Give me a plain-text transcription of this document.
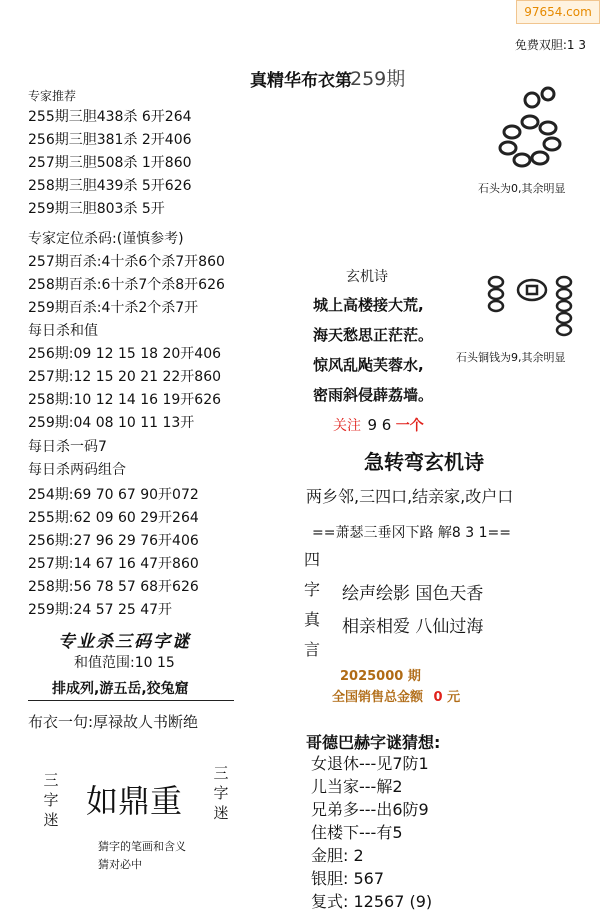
97654.com
免费双胆:1 3
真精华布衣第
259期
专家推荐
255期三胆438杀 6开264
256期三胆381杀 2开406
257期三胆508杀 1开860
258期三胆439杀 5开626
259期三胆803杀 5开
专家定位杀码:(谨慎参考)
257期百杀:4十杀6个杀7开860
258期百杀:6十杀7个杀8开626
259期百杀:4十杀2个杀7开
每日杀和值
256期:09 12 15 18 20开406
257期:12 15 20 21 22开860
258期:10 12 14 16 19开626
259期:04 08 10 11 13开
每日杀一码7
每日杀两码组合
254期:69 70 67 90开072
255期:62 09 60 29开264
256期:27 96 29 76开406
257期:14 67 16 47开860
258期:56 78 57 68开626
259期:24 57 25 47开
专业杀三码字谜
和值范围:10 15
排成列,游五岳,狡兔窟
布衣一句:厚禄故人书断绝
三
字
迷 如鼎重
三
字
迷
猜字的笔画和含义
猜对必中
石头为0,其余明显
石头铜钱为9,其余明显
玄机诗
城上高楼接大荒,
海天愁思正茫茫。
惊风乱飐芙蓉水,
密雨斜侵薜荔墙。
关注 9 6 一个
急转弯玄机诗
两乡邻,三四口,结亲家,改户口
==萧瑟三垂冈下路 解8 3 1==
四
字
真
言
绘声绘影 国色天香
相亲相爱 八仙过海
2025000 期
全国销售总金额 0 元
哥德巴赫字谜猜想:
女退休---见7防1
儿当家---解2
兄弟多---出6防9
住楼下---有5
金胆: 2
银胆: 567
复式: 12567 (9)
